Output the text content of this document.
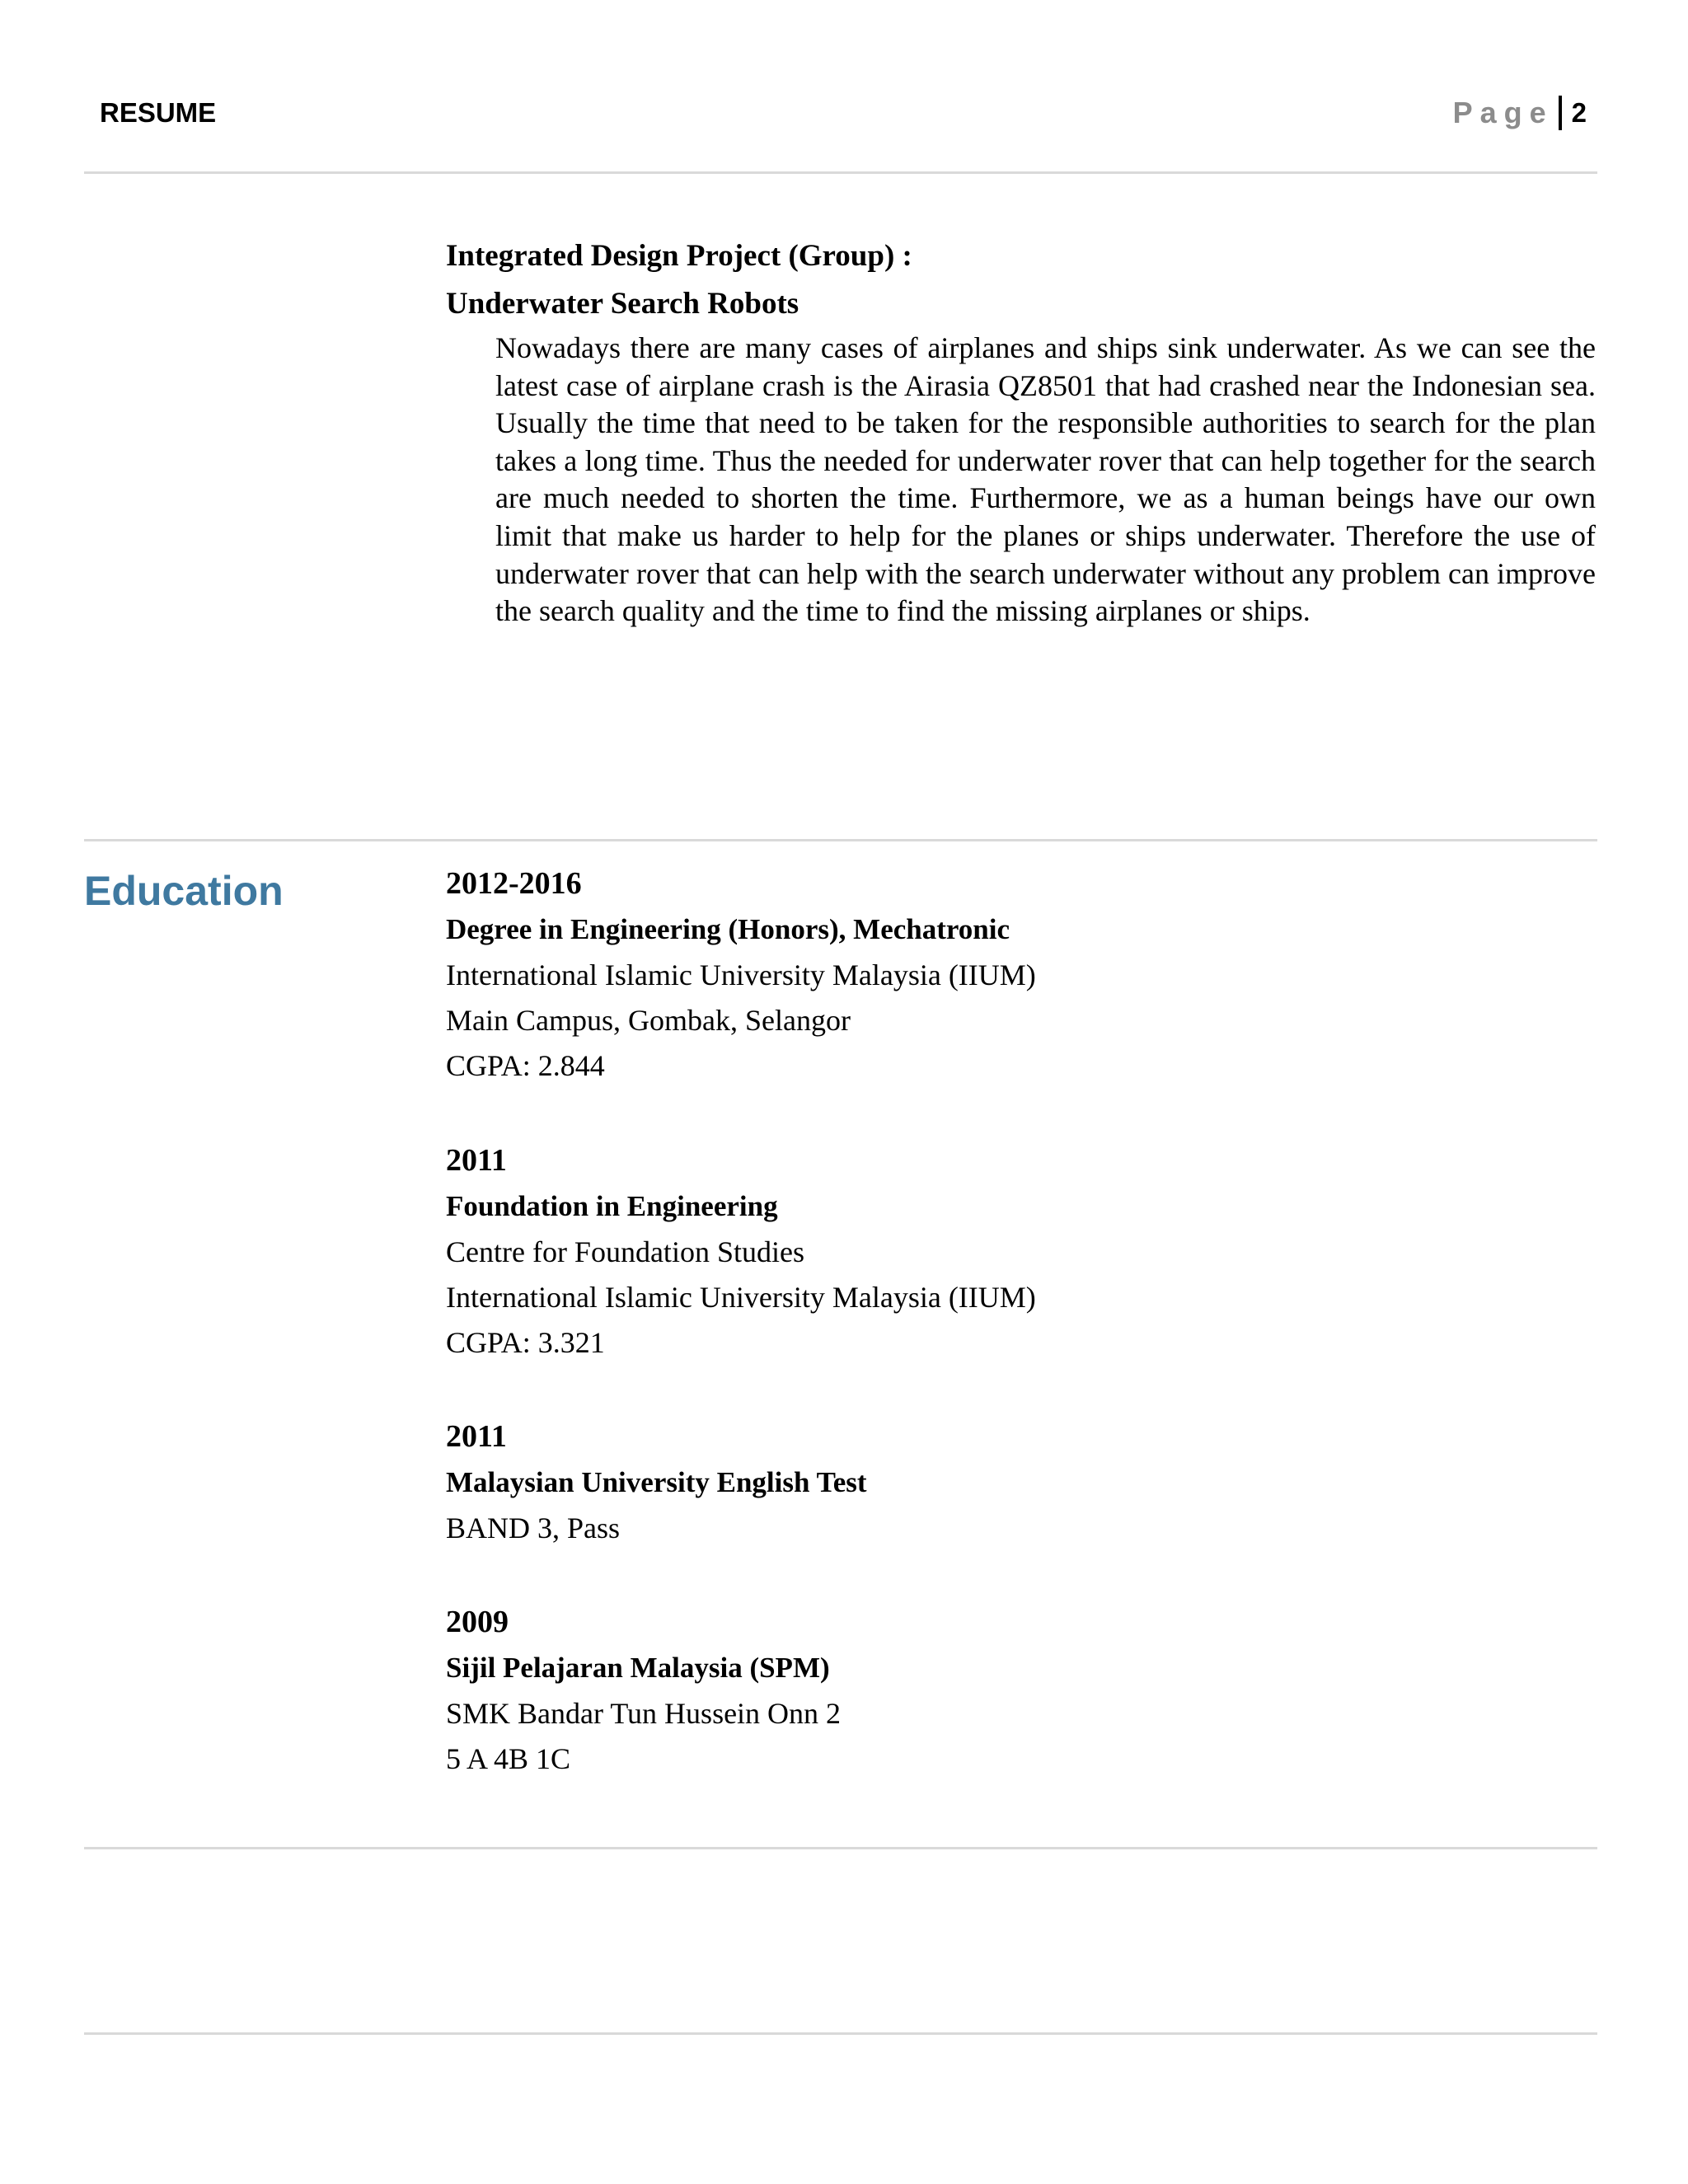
RESUME	Page 2
Integrated Design Project (Group) :
Underwater Search Robots
Nowadays there are many cases of airplanes and ships sink underwater. As we can see the latest case of airplane crash is the Airasia QZ8501 that had crashed near the Indonesian sea. Usually the time that need to be taken for the responsible authorities to search for the plan takes a long time. Thus the needed for underwater rover that can help together for the search are much needed to shorten the time. Furthermore, we as a human beings have our own limit that make us harder to help for the planes or ships underwater. Therefore the use of underwater rover that can help with the search underwater without any problem can improve the search quality and the time to find the missing airplanes or ships.
Education	2012-2016
Degree in Engineering (Honors), Mechatronic
International Islamic University Malaysia (IIUM)
Main Campus, Gombak, Selangor
CGPA: 2.844
2011
Foundation in Engineering
Centre for Foundation Studies
International Islamic University Malaysia (IIUM)
CGPA: 3.321
2011
Malaysian University English Test
BAND 3, Pass
2009
Sijil Pelajaran Malaysia (SPM)
SMK Bandar Tun Hussein Onn 2
5 A 4B 1C
